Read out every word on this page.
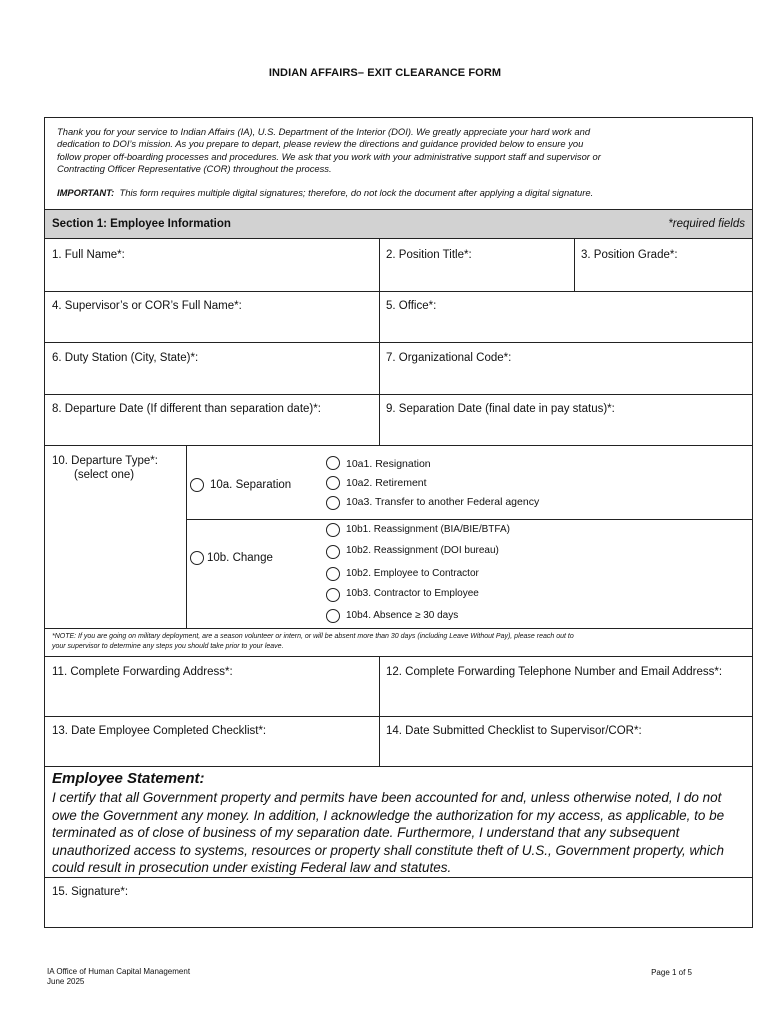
INDIAN AFFAIRS– EXIT CLEARANCE FORM
Thank you for your service to Indian Affairs (IA), U.S. Department of the Interior (DOI). We greatly appreciate your hard work and
dedication to DOI’s mission. As you prepare to depart, please review the directions and guidance provided below to ensure you
follow proper off-boarding processes and procedures. We ask that you work with your administrative support staff and supervisor or
Contracting Officer Representative (COR) throughout the process.
IMPORTANT: This form requires multiple digital signatures; therefore, do not lock the document after applying a digital signature.
Section 1: Employee Information	*required fields
1. Full Name*:	2. Position Title*:	3. Position Grade*:
4. Supervisor’s or COR’s Full Name*:	5. Office*:
6. Duty Station (City, State)*:	7. Organizational Code*:
8. Departure Date (If different than separation date)*:	9. Separation Date (final date in pay status)*:
10. Departure Type*:
(select one)
10a. Separation
10a1. Resignation
10a2. Retirement
10a3. Transfer to another Federal agency
10b. Change
10b1. Reassignment (BIA/BIE/BTFA)
10b2. Reassignment (DOI bureau)
10b2. Employee to Contractor
10b3. Contractor to Employee
10b4. Absence ≥ 30 days
*NOTE: If you are going on military deployment, are a season volunteer or intern, or will be absent more than 30 days (including Leave Without Pay), please reach out to
your supervisor to determine any steps you should take prior to your leave.
11. Complete Forwarding Address*:	12. Complete Forwarding Telephone Number and Email Address*:
13. Date Employee Completed Checklist*:	14. Date Submitted Checklist to Supervisor/COR*:
Employee Statement:
I certify that all Government property and permits have been accounted for and, unless otherwise noted, I do not
owe the Government any money. In addition, I acknowledge the authorization for my access, as applicable, to be
terminated as of close of business of my separation date. Furthermore, I understand that any subsequent
unauthorized access to systems, resources or property shall constitute theft of U.S., Government property, which
could result in prosecution under existing Federal law and statutes.
15. Signature*:
IA Office of Human Capital Management
June 2025
Page 1 of 5
